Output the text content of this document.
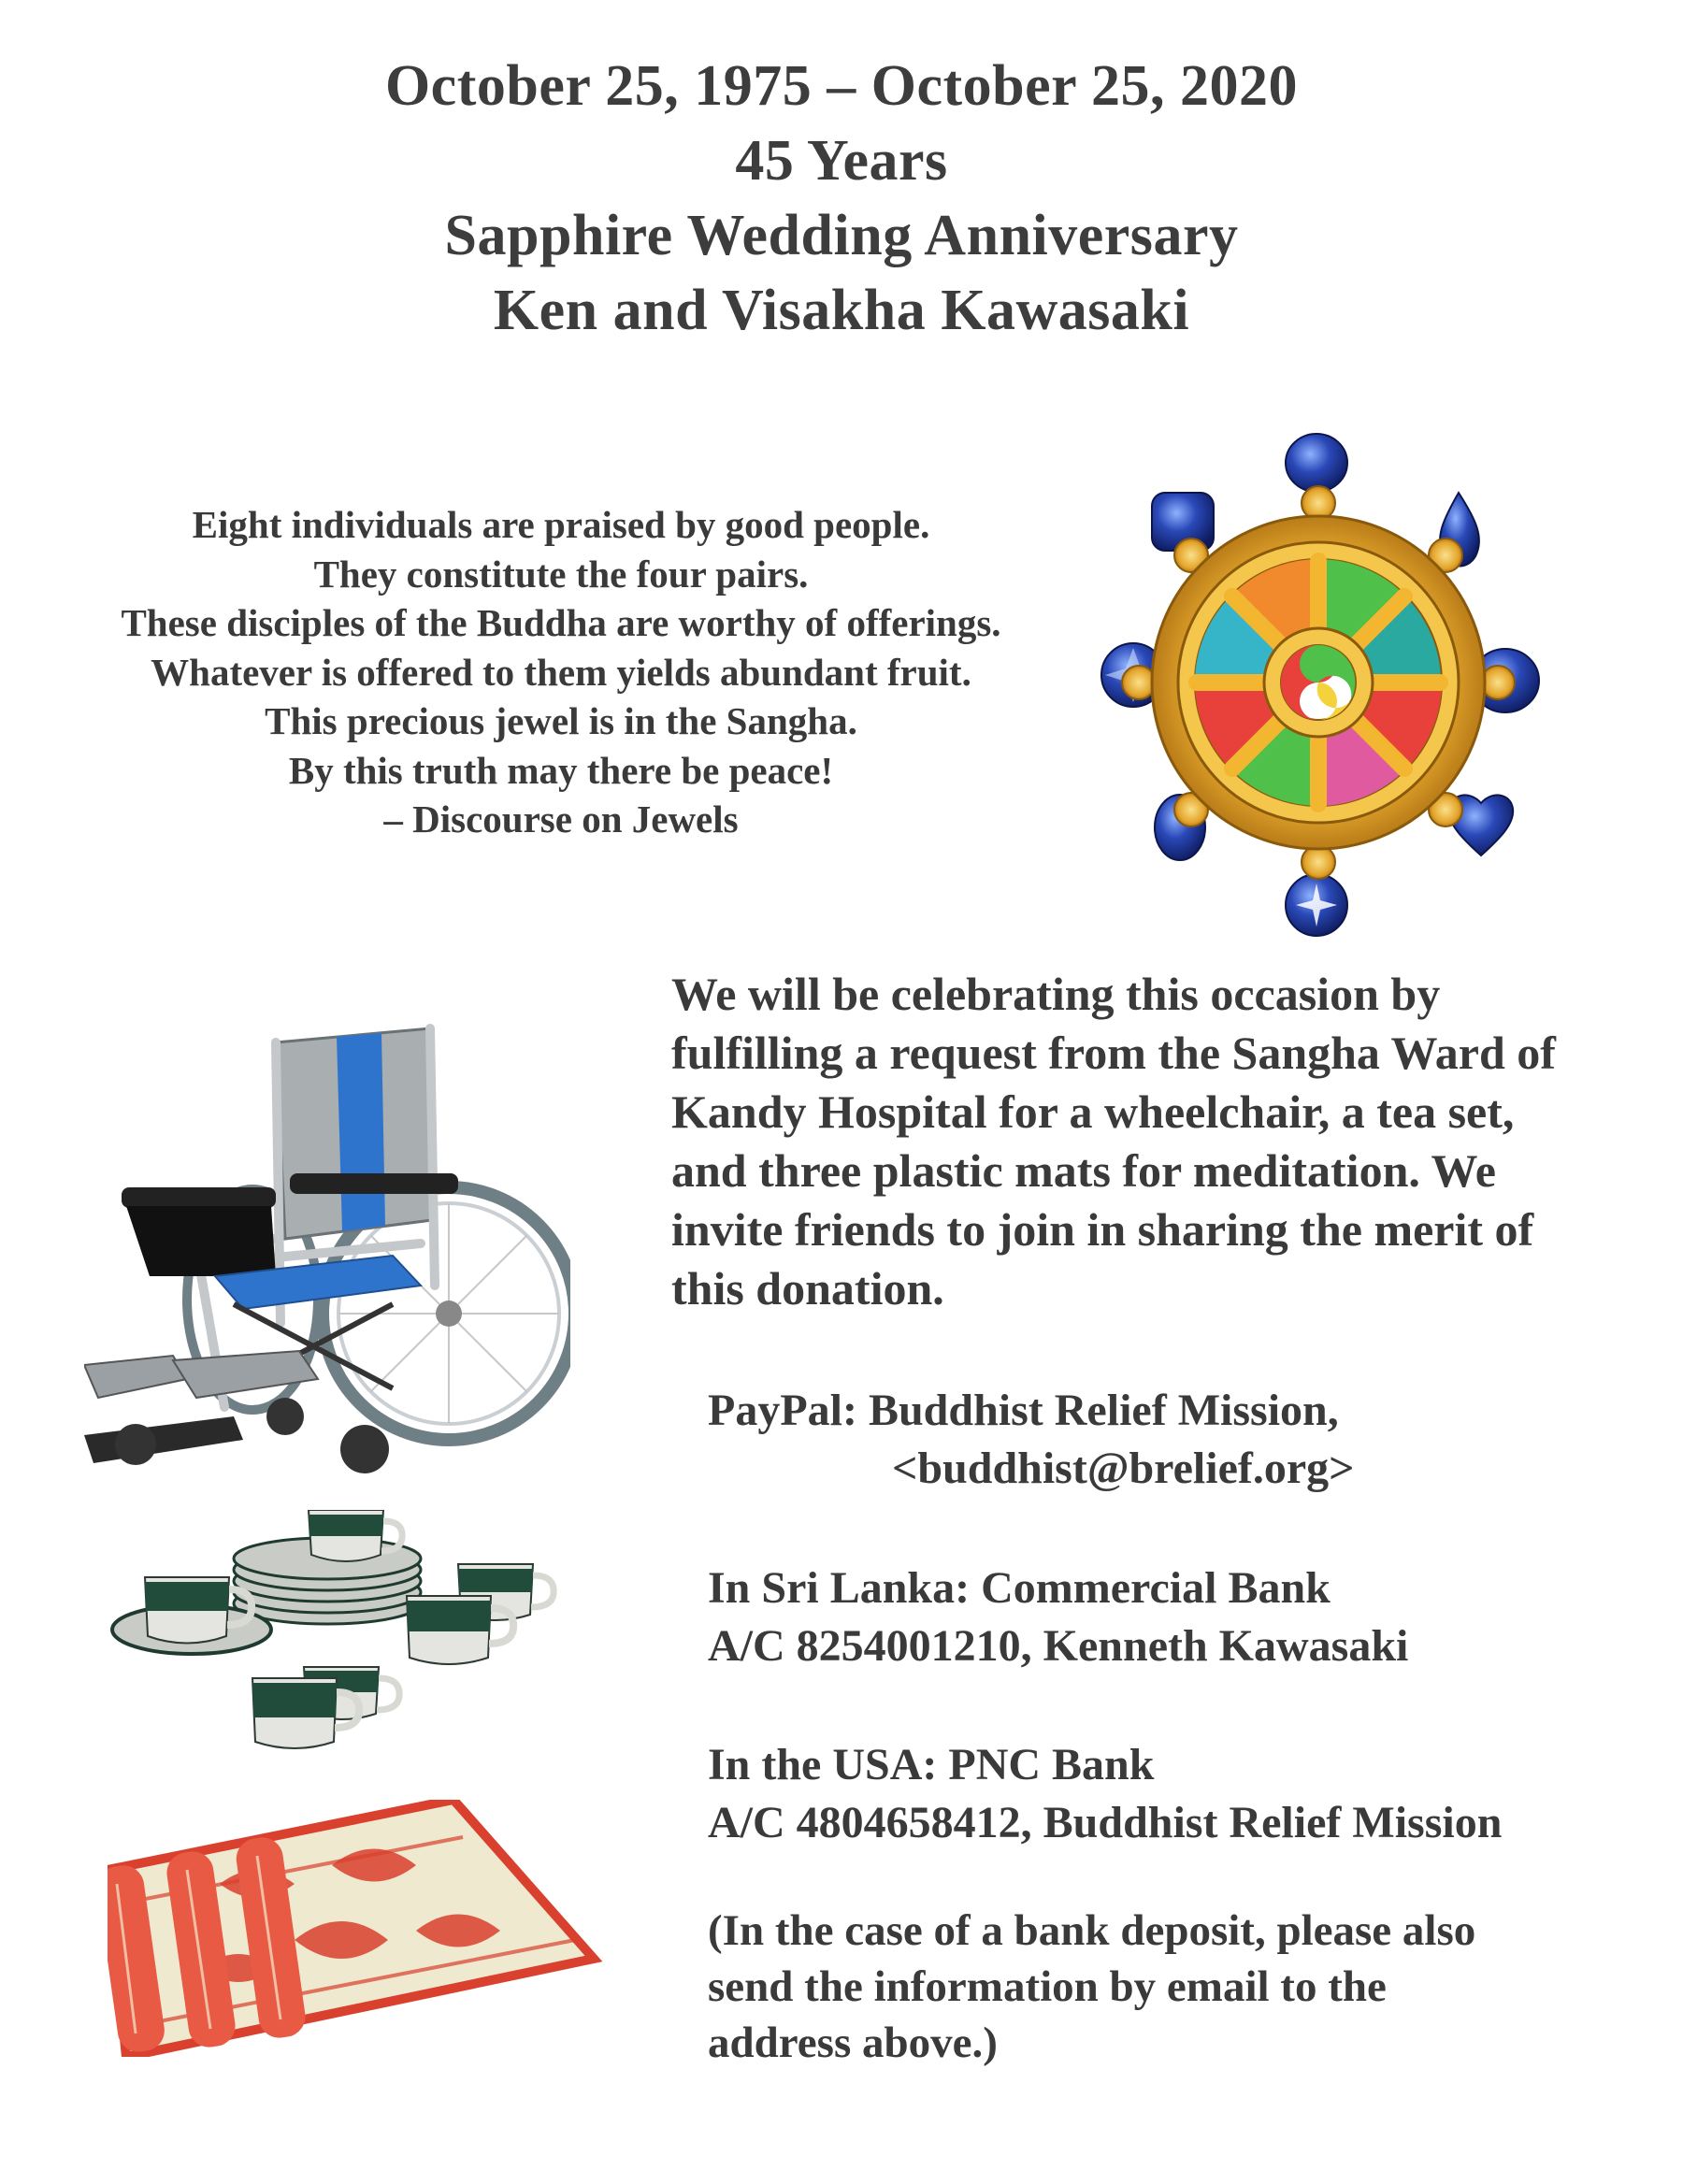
October 25, 1975 – October 25, 2020
45 Years
Sapphire Wedding Anniversary
Ken and Visakha Kawasaki
Eight individuals are praised by good people.
They constitute the four pairs.
These disciples of the Buddha are worthy of offerings.
Whatever is offered to them yields abundant fruit.
This precious jewel is in the Sangha.
By this truth may there be peace!
– Discourse on Jewels
We will be celebrating this occasion by
fulfilling a request from the Sangha Ward of
Kandy Hospital for a wheelchair, a tea set,
and three plastic mats for meditation. We
invite friends to join in sharing the merit of
this donation.
PayPal: Buddhist Relief Mission,
<buddhist@brelief.org>
In Sri Lanka: Commercial Bank
A/C 8254001210, Kenneth Kawasaki
In the USA: PNC Bank
A/C 4804658412, Buddhist Relief Mission
(In the case of a bank deposit, please also
send the information by email to the
address above.)
